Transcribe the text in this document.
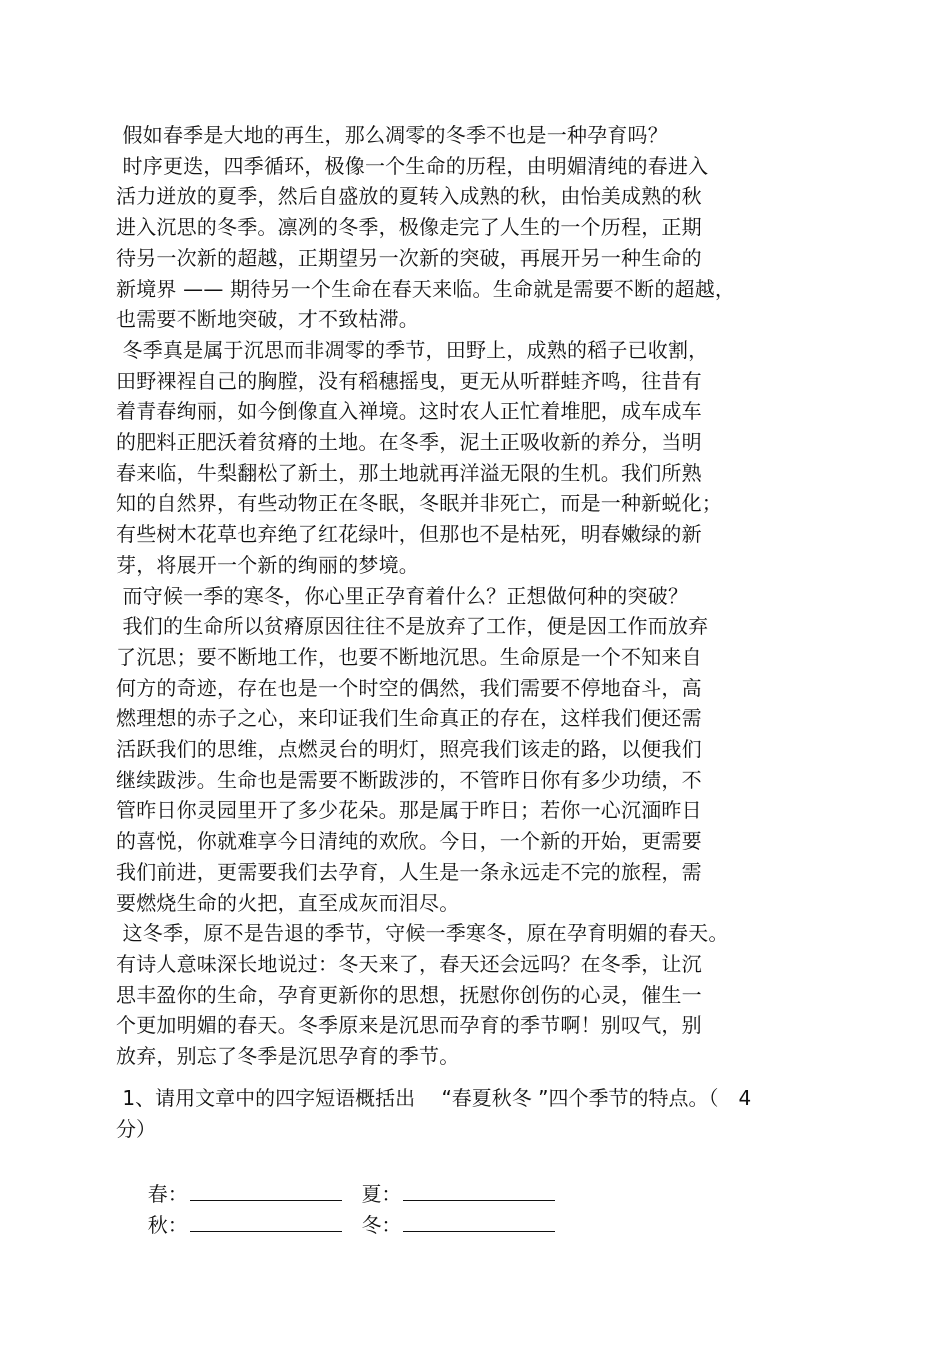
假如春季是大地的再生，那么凋零的冬季不也是一种孕育吗？
时序更迭，四季循环，极像一个生命的历程，由明媚清纯的春进入
活力迸放的夏季，然后自盛放的夏转入成熟的秋，由怡美成熟的秋
进入沉思的冬季。凛冽的冬季，极像走完了人生的一个历程，正期
待另一次新的超越，正期望另一次新的突破，再展开另一种生命的
新境界 —— 期待另一个生命在春天来临。生命就是需要不断的超越，
也需要不断地突破，才不致枯滞。
冬季真是属于沉思而非凋零的季节，田野上，成熟的稻子已收割，
田野裸裎自己的胸膛，没有稻穗摇曳，更无从听群蛙齐鸣，往昔有
着青春绚丽，如今倒像直入禅境。这时农人正忙着堆肥，成车成车
的肥料正肥沃着贫瘠的土地。在冬季，泥土正吸收新的养分，当明
春来临，牛梨翻松了新土，那土地就再洋溢无限的生机。我们所熟
知的自然界，有些动物正在冬眠，冬眠并非死亡，而是一种新蜕化；
有些树木花草也弃绝了红花绿叶，但那也不是枯死，明春嫩绿的新
芽，将展开一个新的绚丽的梦境。
而守候一季的寒冬，你心里正孕育着什么？正想做何种的突破？
我们的生命所以贫瘠原因往往不是放弃了工作，便是因工作而放弃
了沉思；要不断地工作，也要不断地沉思。生命原是一个不知来自
何方的奇迹，存在也是一个时空的偶然，我们需要不停地奋斗，高
燃理想的赤子之心，来印证我们生命真正的存在，这样我们便还需
活跃我们的思维，点燃灵台的明灯，照亮我们该走的路，以便我们
继续跋涉。生命也是需要不断跋涉的，不管昨日你有多少功绩，不
管昨日你灵园里开了多少花朵。那是属于昨日；若你一心沉湎昨日
的喜悦，你就难享今日清纯的欢欣。今日，一个新的开始，更需要
我们前进，更需要我们去孕育，人生是一条永远走不完的旅程，需
要燃烧生命的火把，直至成灰而泪尽。
这冬季，原不是告退的季节，守候一季寒冬，原在孕育明媚的春天。
有诗人意味深长地说过：冬天来了，春天还会远吗？在冬季，让沉
思丰盈你的生命，孕育更新你的思想，抚慰你创伤的心灵，催生一
个更加明媚的春天。冬季原来是沉思而孕育的季节啊！别叹气，别
放弃，别忘了冬季是沉思孕育的季节。
1、请用文章中的四字短语概括出　 “春夏秋冬 ”四个季节的特点。（　4
分）

春：
	夏：

秋：
	冬：
